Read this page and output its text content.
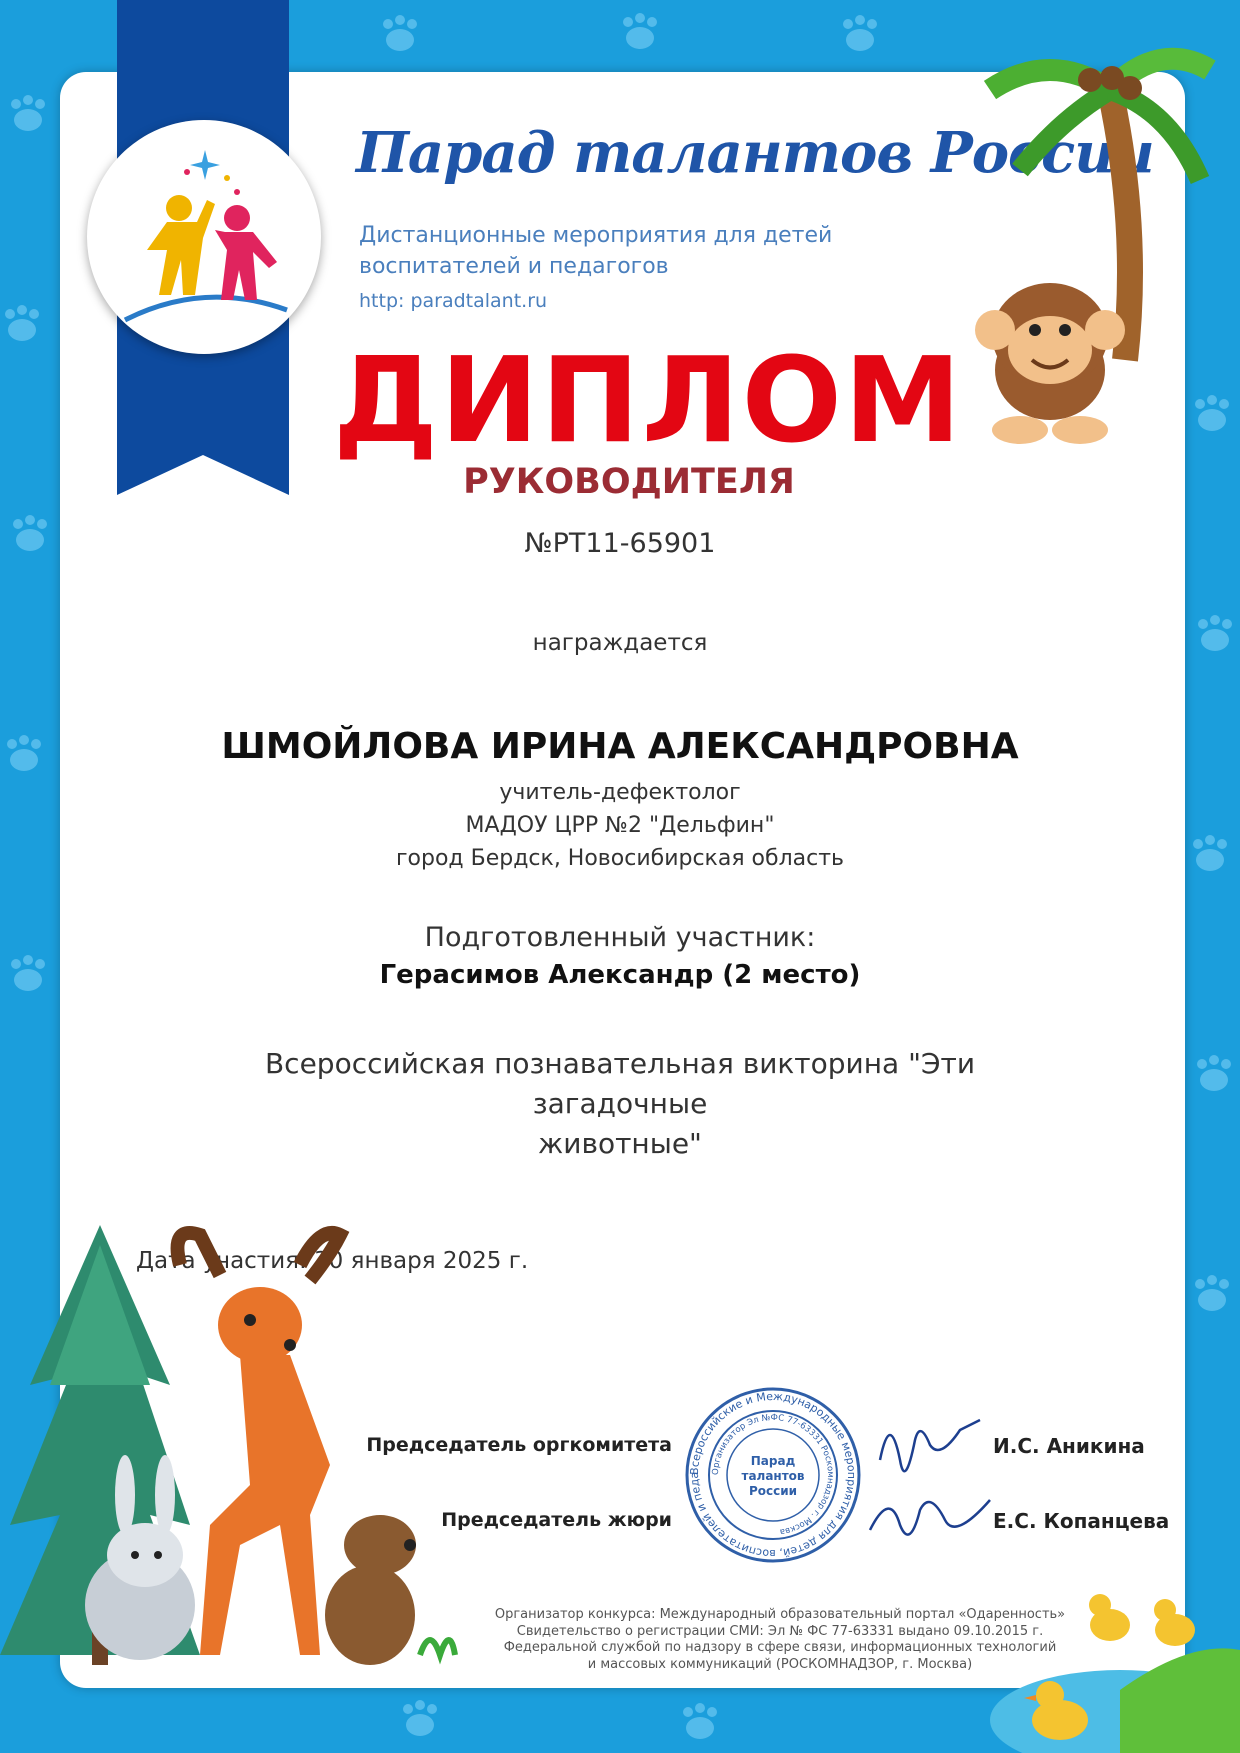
Парад талантов России
Дистанционные мероприятия для детей
воспитателей и педагогов
http: paradtalant.ru
ДИПЛОМ
РУКОВОДИТЕЛЯ
№РТ11-65901
награждается
ШМОЙЛОВА ИРИНА АЛЕКСАНДРОВНА
учитель-дефектолог
МАДОУ ЦРР №2 "Дельфин"
город Бердск, Новосибирская область
Подготовленный участник:
Герасимов Александр (2 место)
Всероссийская познавательная викторина "Эти загадочные
животные"
Дата участия: 30 января 2025 г.
Председатель оргкомитета
Председатель жюри
И.С. Аникина
Е.С. Копанцева
Всероссийские и Международные мероприятия для детей, воспитателей и педа	Организатор Эл №ФС 77-63331 Роскомнадзор г. Москва
Парад
талантов
России
Организатор конкурса: Международный образовательный портал «Одаренность»
Свидетельство о регистрации СМИ: Эл № ФС 77-63331 выдано 09.10.2015 г.
Федеральной службой по надзору в сфере связи, информационных технологий
и массовых коммуникаций (РОСКОМНАДЗОР, г. Москва)
